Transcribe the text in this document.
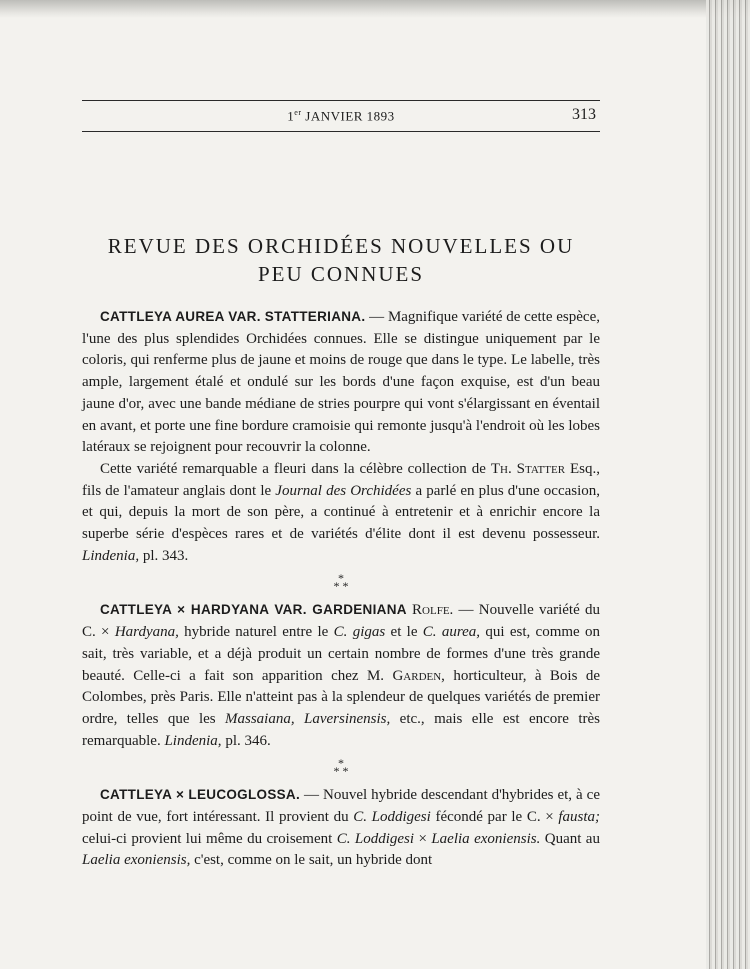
1er JANVIER 1893	313
REVUE DES ORCHIDÉES NOUVELLES OU
PEU CONNUES

CATTLEYA AUREA VAR. STATTERIANA. — Magnifique variété de cette espèce, l'une des plus splendides Orchidées connues. Elle se distingue uniquement par le coloris, qui renferme plus de jaune et moins de rouge que dans le type. Le labelle, très ample, largement étalé et ondulé sur les bords d'une façon exquise, est d'un beau jaune d'or, avec une bande médiane de stries pourpre qui vont s'élargissant en éventail en avant, et porte une fine bordure cramoisie qui remonte jusqu'à l'endroit où les lobes latéraux se rejoignent pour recouvrir la colonne.

Cette variété remarquable a fleuri dans la célèbre collection de Th. Statter Esq., fils de l'amateur anglais dont le Journal des Orchidées a parlé en plus d'une occasion, et qui, depuis la mort de son père, a continué à entretenir et à enrichir encore la superbe série d'espèces rares et de variétés d'élite dont il est devenu possesseur. Lindenia, pl. 343.

*
* *

CATTLEYA × HARDYANA VAR. GARDENIANA Rolfe. — Nouvelle variété du C. × Hardyana, hybride naturel entre le C. gigas et le C. aurea, qui est, comme on sait, très variable, et a déjà produit un certain nombre de formes d'une très grande beauté. Celle-ci a fait son apparition chez M. Garden, horticulteur, à Bois de Colombes, près Paris. Elle n'atteint pas à la splendeur de quelques variétés de premier ordre, telles que les Massaiana, Laversinensis, etc., mais elle est encore très remarquable. Lindenia, pl. 346.

*
* *

CATTLEYA × LEUCOGLOSSA. — Nouvel hybride descendant d'hybrides et, à ce point de vue, fort intéressant. Il provient du C. Loddigesi fécondé par le C. × fausta; celui-ci provient lui même du croisement C. Loddigesi × Laelia exoniensis. Quant au Laelia exoniensis, c'est, comme on le sait, un hybride dont
